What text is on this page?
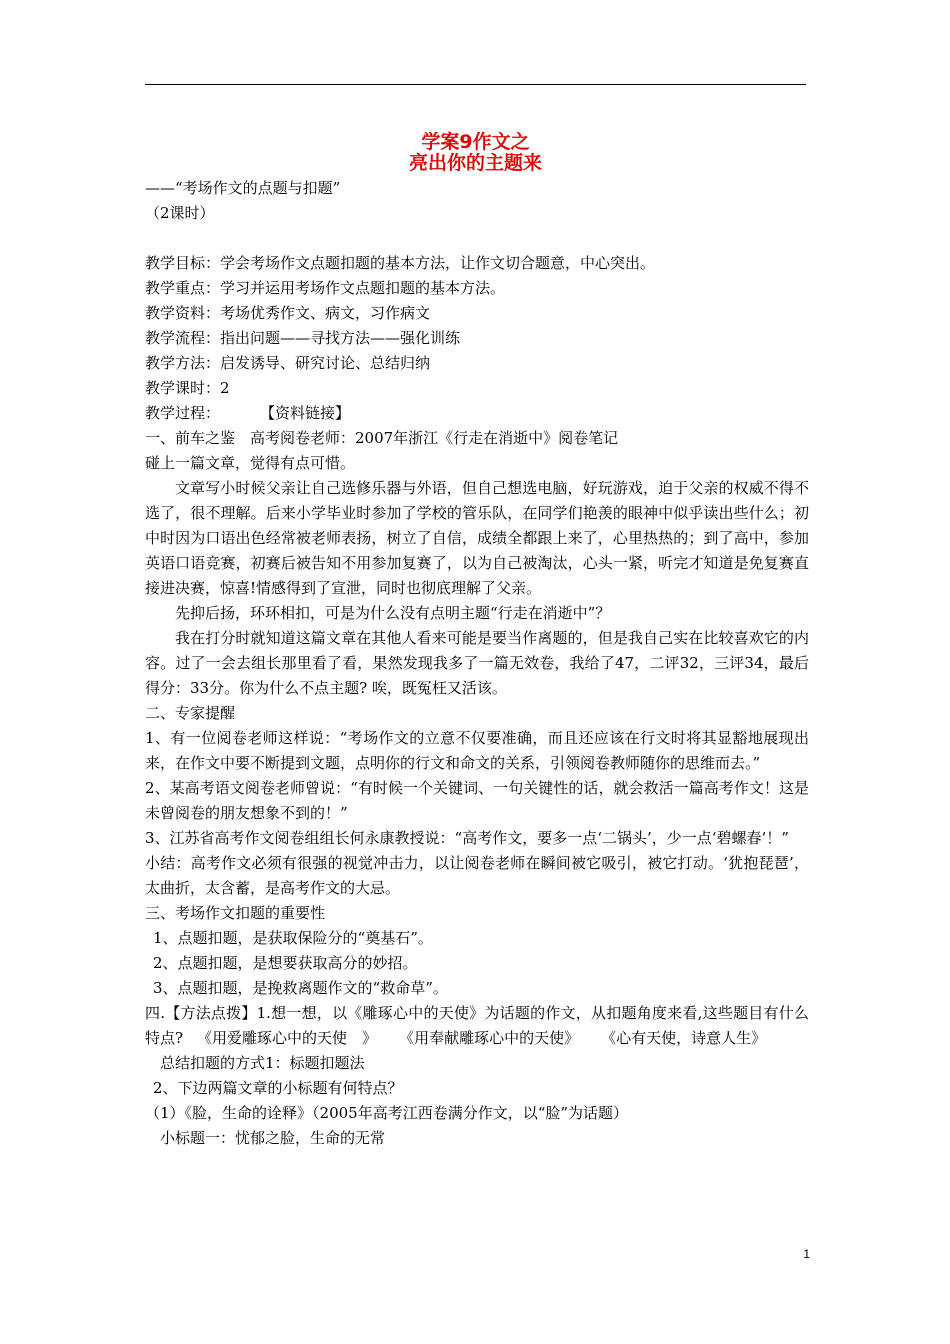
学案9作文之
亮出你的主题来

——“考场作文的点题与扣题”

（2课时）

教学目标：学会考场作文点题扣题的基本方法，让作文切合题意，中心突出。

教学重点：学习并运用考场作文点题扣题的基本方法。

教学资料：考场优秀作文、病文，习作病文

教学流程：指出问题——寻找方法——强化训练

教学方法：启发诱导、研究讨论、总结归纳

教学课时：2

教学过程：	【资料链接】

一、前车之鉴　高考阅卷老师：2007年浙江《行走在消逝中》阅卷笔记

碰上一篇文章，觉得有点可惜。

文章写小时候父亲让自己选修乐器与外语，但自己想选电脑，好玩游戏，迫于父亲的权威不得不选了，很不理解。后来小学毕业时参加了学校的管乐队，在同学们艳羡的眼神中似乎读出些什么；初中时因为口语出色经常被老师表扬，树立了自信，成绩全都跟上来了，心里热热的；到了高中，参加英语口语竞赛，初赛后被告知不用参加复赛了，以为自己被淘汰，心头一紧，听完才知道是免复赛直接进决赛，惊喜!情感得到了宣泄，同时也彻底理解了父亲。

先抑后扬，环环相扣，可是为什么没有点明主题“行走在消逝中”？

我在打分时就知道这篇文章在其他人看来可能是要当作离题的，但是我自己实在比较喜欢它的内容。过了一会去组长那里看了看，果然发现我多了一篇无效卷，我给了47，二评32，三评34，最后得分：33分。你为什么不点主题? 唉，既冤枉又活该。

二、专家提醒

1、有一位阅卷老师这样说：“考场作文的立意不仅要准确，而且还应该在行文时将其显豁地展现出来，在作文中要不断提到文题，点明你的行文和命文的关系，引领阅卷教师随你的思维而去。”

2、某高考语文阅卷老师曾说：“有时候一个关键词、一句关键性的话，就会救活一篇高考作文！这是未曾阅卷的朋友想象不到的！”

3、江苏省高考作文阅卷组组长何永康教授说：“高考作文，要多一点‘二锅头’，少一点‘碧螺春’！”

小结：高考作文必须有很强的视觉冲击力，以让阅卷老师在瞬间被它吸引，被它打动。‘犹抱琵琶’，太曲折，太含蓄，是高考作文的大忌。

三、考场作文扣题的重要性

1、点题扣题，是获取保险分的“奠基石”。

2、点题扣题，是想要获取高分的妙招。

3、点题扣题，是挽救离题作文的“救命草”。

四.【方法点拨】1.想一想，以《雕琢心中的天使》为话题的作文，从扣题角度来看,这些题目有什么特点? 《用爱雕琢心中的天使　》 《用奉献雕琢心中的天使》 《心有天使，诗意人生》

总结扣题的方式1：标题扣题法

2、下边两篇文章的小标题有何特点？

（1）《脸，生命的诠释》（2005年高考江西卷满分作文，以“脸”为话题）

小标题一：忧郁之脸，生命的无常

1
